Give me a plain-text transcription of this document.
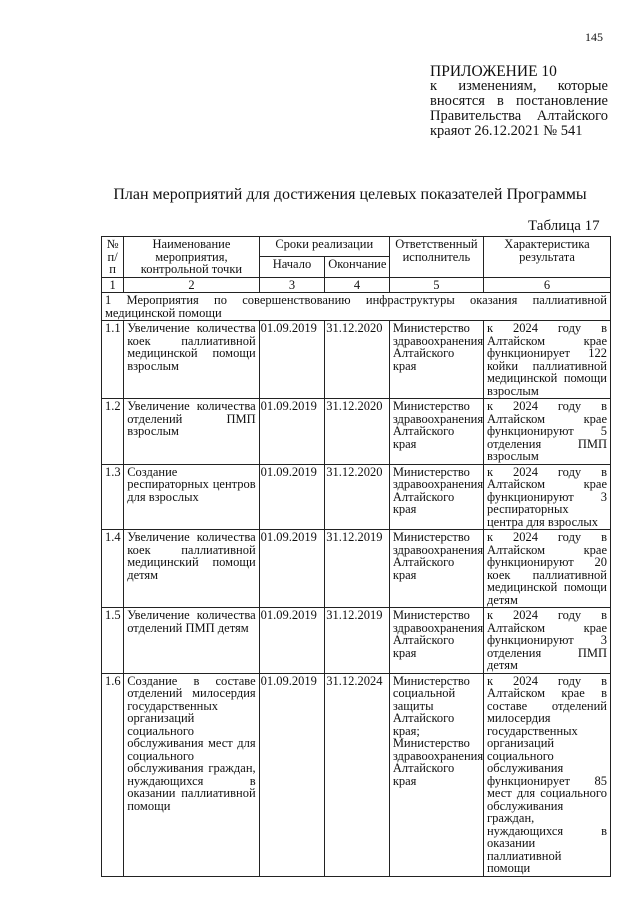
145
ПРИЛОЖЕНИЕ 10
к изменениям, которые
вносятся в постановление
Правительства Алтайского
краяот 26.12.2021 № 541
План мероприятий для достижения целевых показателей Программы
Таблица 17
№ п/п	Наименование мероприятия, контрольной точки	Сроки реализации		Ответственный исполнитель	Характеристика результата
		Начало	Окончание		
1	2	3	4	5	6
1 Мероприятия по совершенствованию инфраструктуры оказания паллиативной медицинской помощи					
1.1	Увеличение количества коек паллиативной медицинской помощи взрослым	01.09.2019	31.12.2020	Министерство здравоохранения Алтайского края	к 2024 году в Алтайском крае функционирует 122 койки паллиативной медицинской помощи взрослым
1.2	Увеличение количества отделений ПМП взрослым	01.09.2019	31.12.2020	Министерство здравоохранения Алтайского края	к 2024 году в Алтайском крае функционируют 5 отделения ПМП взрослым
1.3	Создание респираторных центров для взрослых	01.09.2019	31.12.2020	Министерство здравоохранения Алтайского края	к 2024 году в Алтайском крае функционируют 3 респираторных центра для взрослых
1.4	Увеличение количества коек паллиативной медицинский помощи детям	01.09.2019	31.12.2019	Министерство здравоохранения Алтайского края	к 2024 году в Алтайском крае функционируют 20 коек паллиативной медицинской помощи детям
1.5	Увеличение количества отделений ПМП детям	01.09.2019	31.12.2019	Министерство здравоохранения Алтайского края	к 2024 году в Алтайском крае функционируют 3 отделения ПМП детям
1.6	Создание в составе отделений милосердия государственных организаций социального обслуживания мест для социального обслуживания граждан, нуждающихся в оказании паллиативной помощи	01.09.2019	31.12.2024	Министерство социальной защиты Алтайского края; Министерство здравоохранения Алтайского края	к 2024 году в Алтайском крае в составе отделений милосердия государственных организаций социального обслуживания функционирует 85 мест для социального обслуживания граждан, нуждающихся в оказании паллиативной помощи
